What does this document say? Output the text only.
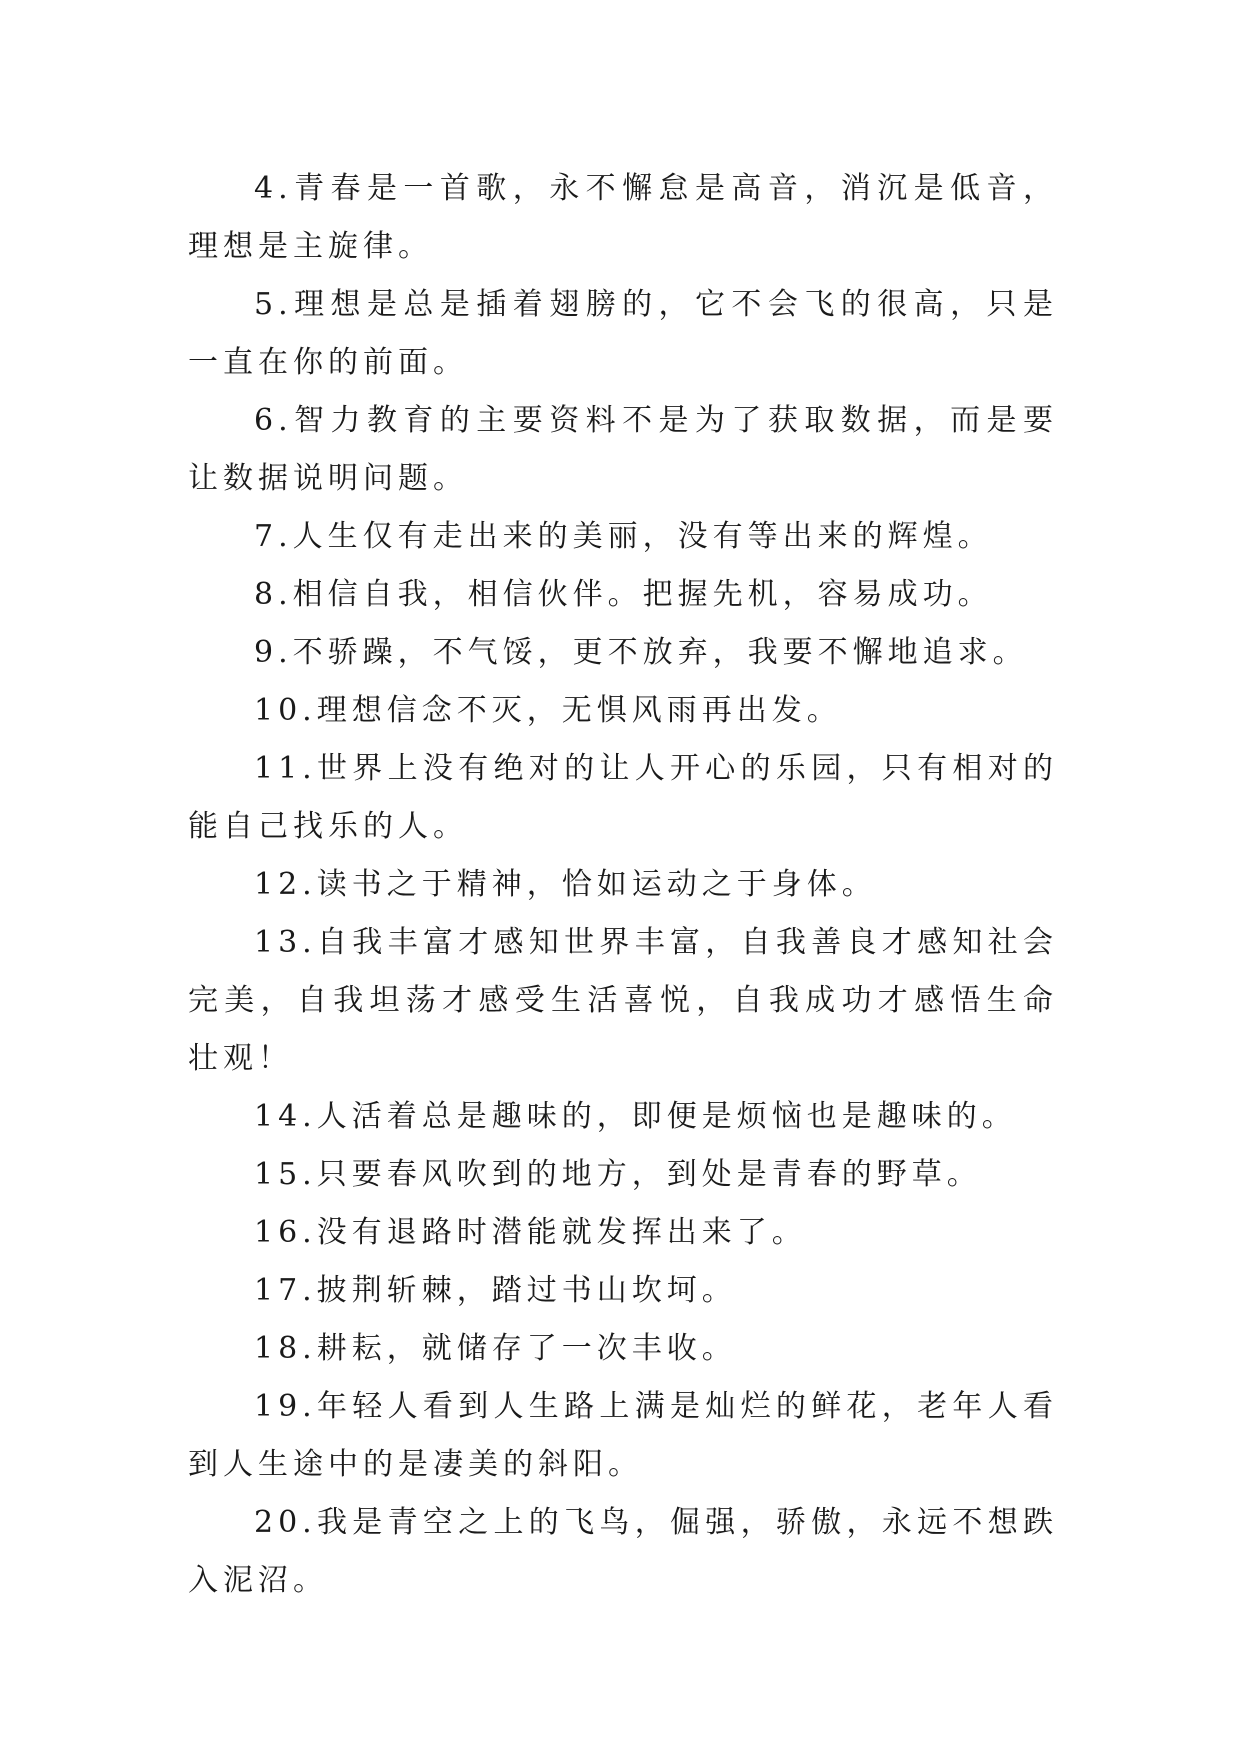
4.青春是一首歌，永不懈怠是高音，消沉是低音，理想是主旋律。

5.理想是总是插着翅膀的，它不会飞的很高，只是一直在你的前面。

6.智力教育的主要资料不是为了获取数据，而是要让数据说明问题。

7.人生仅有走出来的美丽，没有等出来的辉煌。

8.相信自我，相信伙伴。把握先机，容易成功。

9.不骄躁，不气馁，更不放弃，我要不懈地追求。

10.理想信念不灭，无惧风雨再出发。

11.世界上没有绝对的让人开心的乐园，只有相对的能自己找乐的人。

12.读书之于精神，恰如运动之于身体。

13.自我丰富才感知世界丰富，自我善良才感知社会完美，自我坦荡才感受生活喜悦，自我成功才感悟生命壮观！

14.人活着总是趣味的，即便是烦恼也是趣味的。

15.只要春风吹到的地方，到处是青春的野草。

16.没有退路时潜能就发挥出来了。

17.披荆斩棘，踏过书山坎坷。

18.耕耘，就储存了一次丰收。

19.年轻人看到人生路上满是灿烂的鲜花，老年人看到人生途中的是凄美的斜阳。

20.我是青空之上的飞鸟，倔强，骄傲，永远不想跌入泥沼。
